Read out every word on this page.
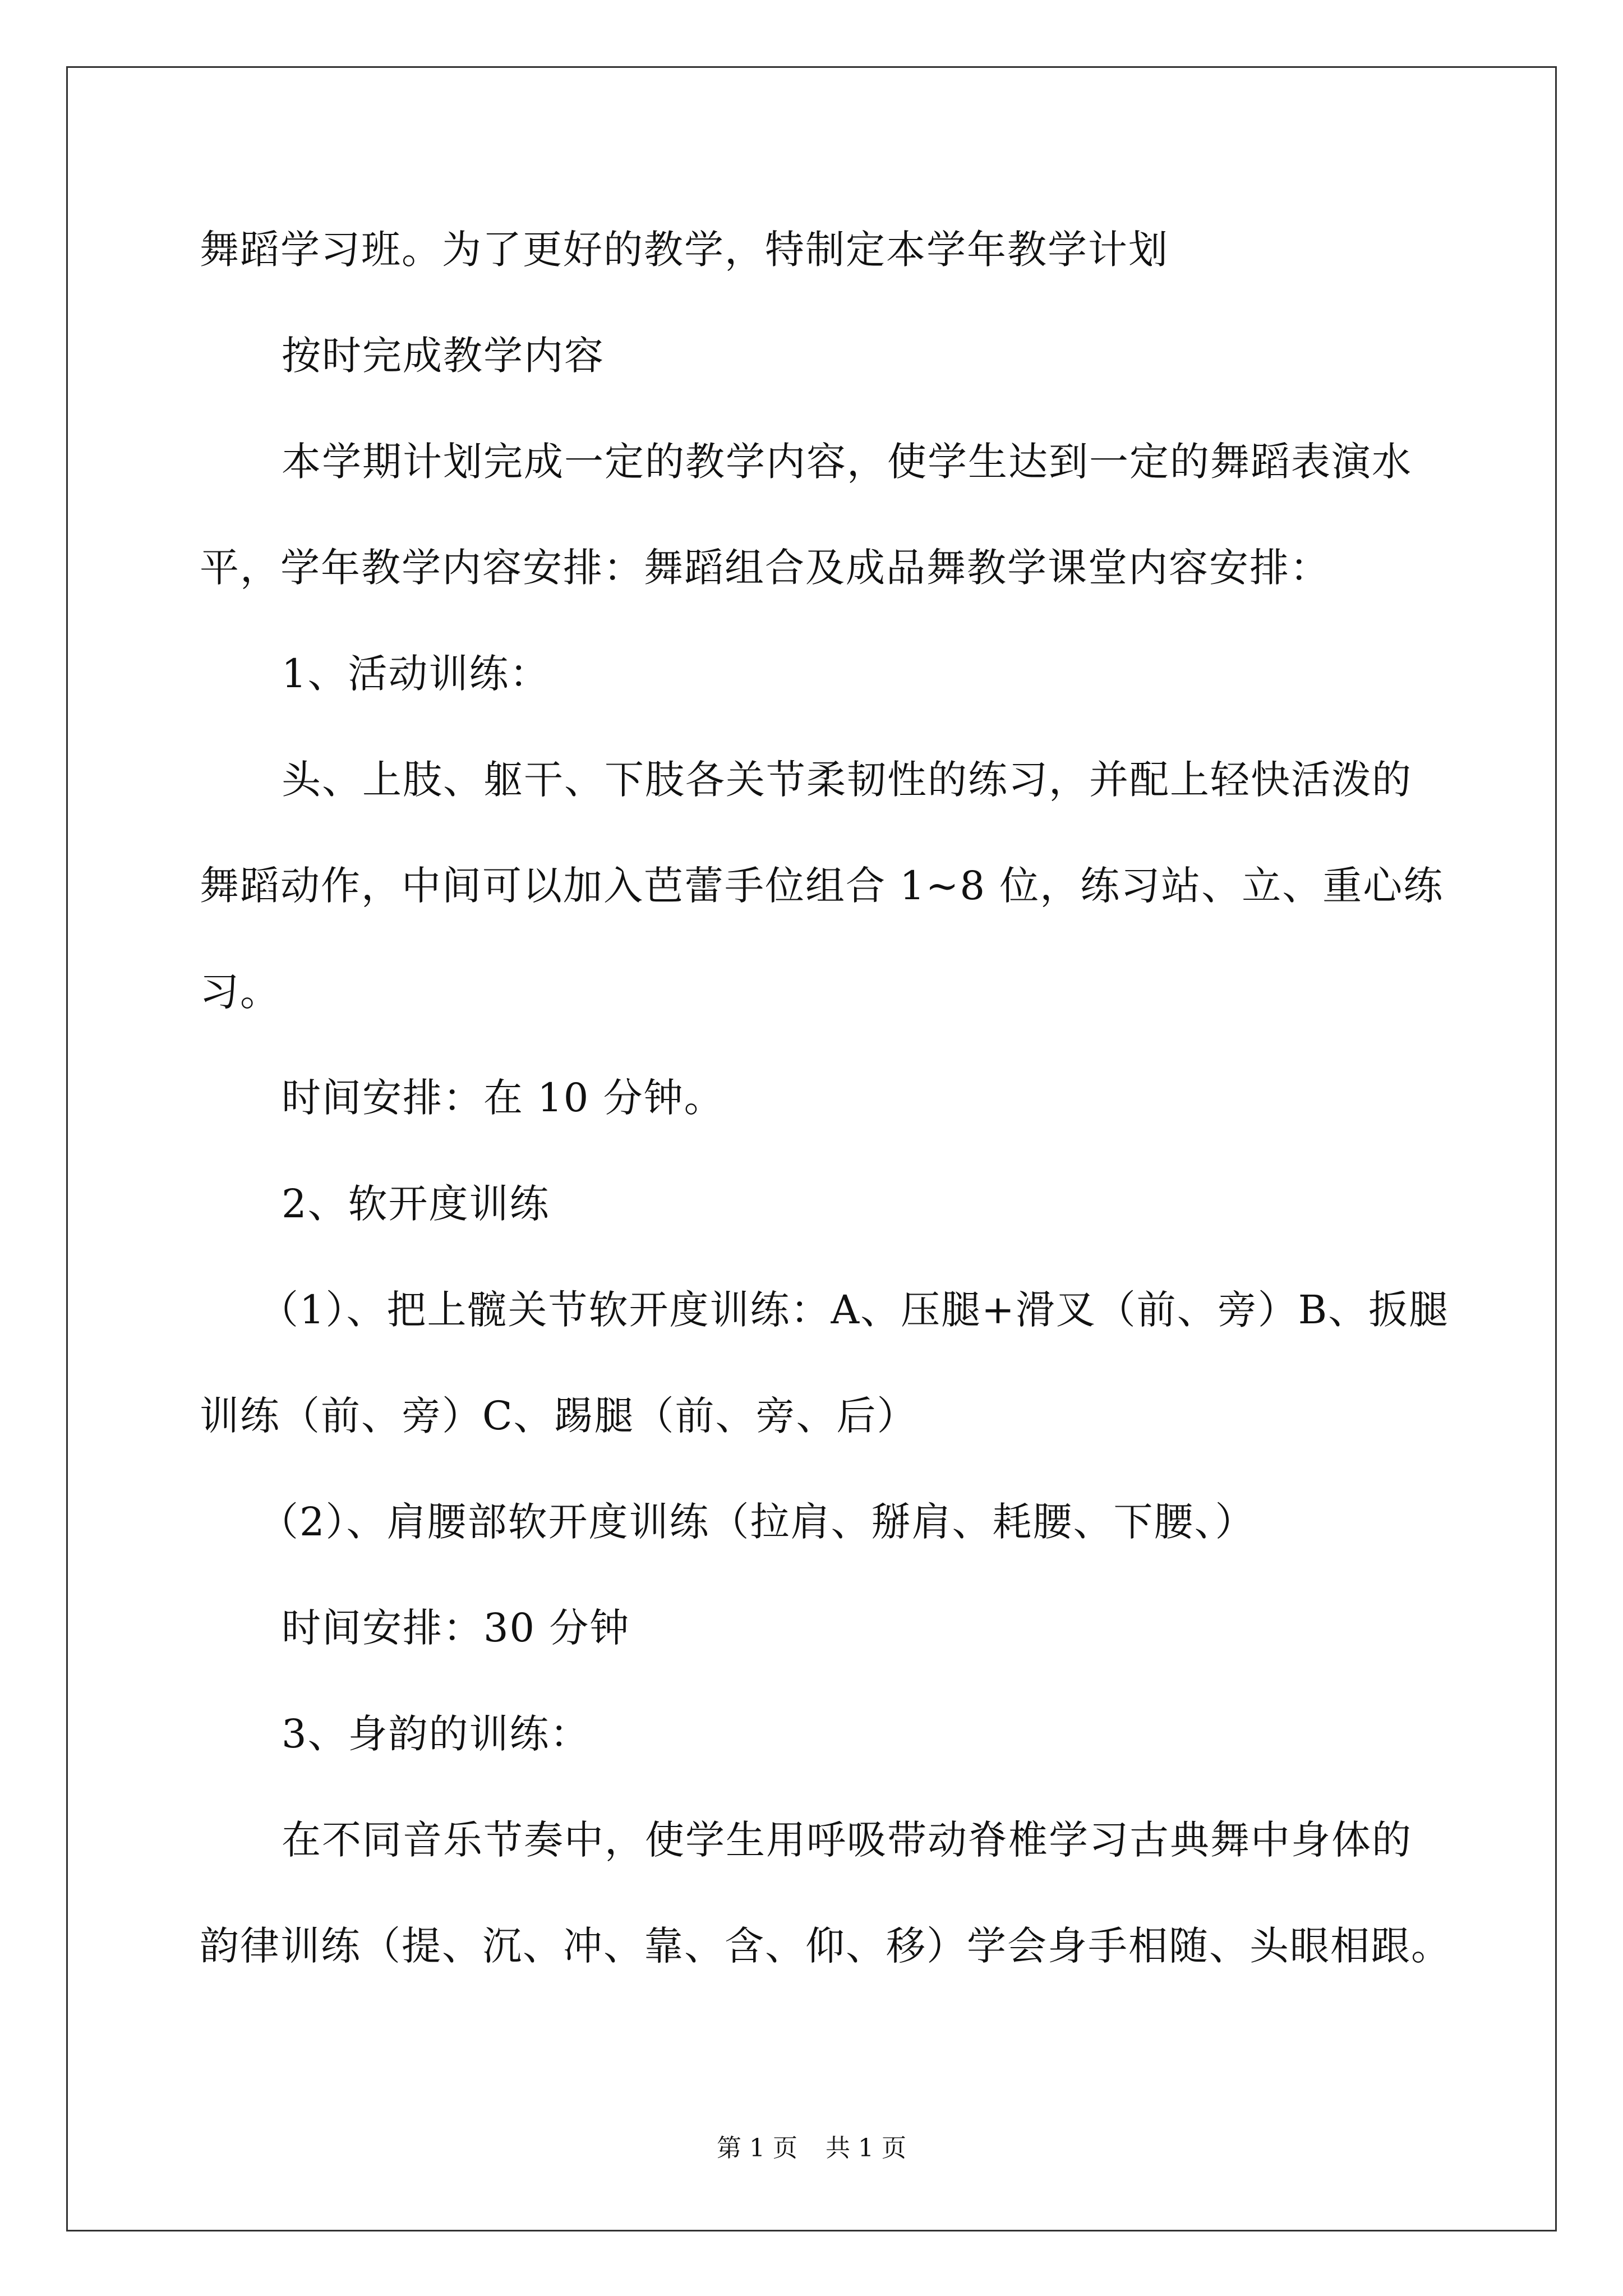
舞蹈学习班。为了更好的教学，特制定本学年教学计划
按时完成教学内容
本学期计划完成一定的教学内容，使学生达到一定的舞蹈表演水
平，学年教学内容安排：舞蹈组合及成品舞教学课堂内容安排：
1、活动训练：
头、上肢、躯干、下肢各关节柔韧性的练习，并配上轻快活泼的
舞蹈动作，中间可以加入芭蕾手位组合 1~8 位，练习站、立、重心练
习。
时间安排：在 10 分钟。
2、软开度训练
（1）、把上髋关节软开度训练：A、压腿+滑叉（前、旁）B、扳腿
训练（前、旁）C、踢腿（前、旁、后）
（2）、肩腰部软开度训练（拉肩、掰肩、耗腰、下腰、）
时间安排：30 分钟
3、身韵的训练：
在不同音乐节奏中，使学生用呼吸带动脊椎学习古典舞中身体的
韵律训练（提、沉、冲、靠、含、仰、移）学会身手相随、头眼相跟。
第 1 页 共 1 页
